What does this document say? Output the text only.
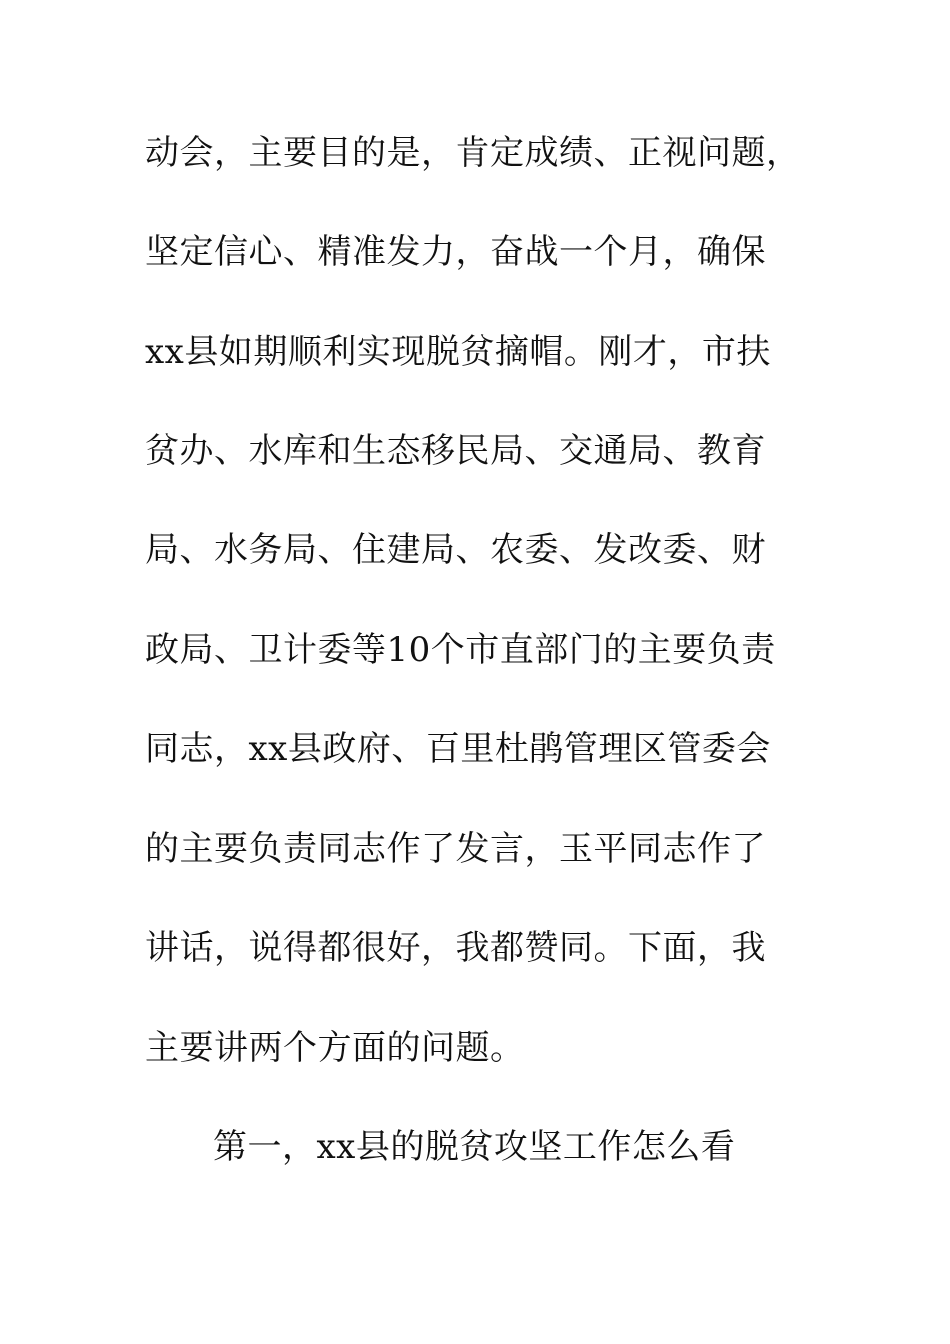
动会，主要目的是，肯定成绩、正视问题，
坚定信心、精准发力，奋战一个月，确保
xx县如期顺利实现脱贫摘帽。刚才，市扶
贫办、水库和生态移民局、交通局、教育
局、水务局、住建局、农委、发改委、财
政局、卫计委等10个市直部门的主要负责
同志，xx县政府、百里杜鹃管理区管委会
的主要负责同志作了发言，玉平同志作了
讲话，说得都很好，我都赞同。下面，我
主要讲两个方面的问题。
第一，xx县的脱贫攻坚工作怎么看
